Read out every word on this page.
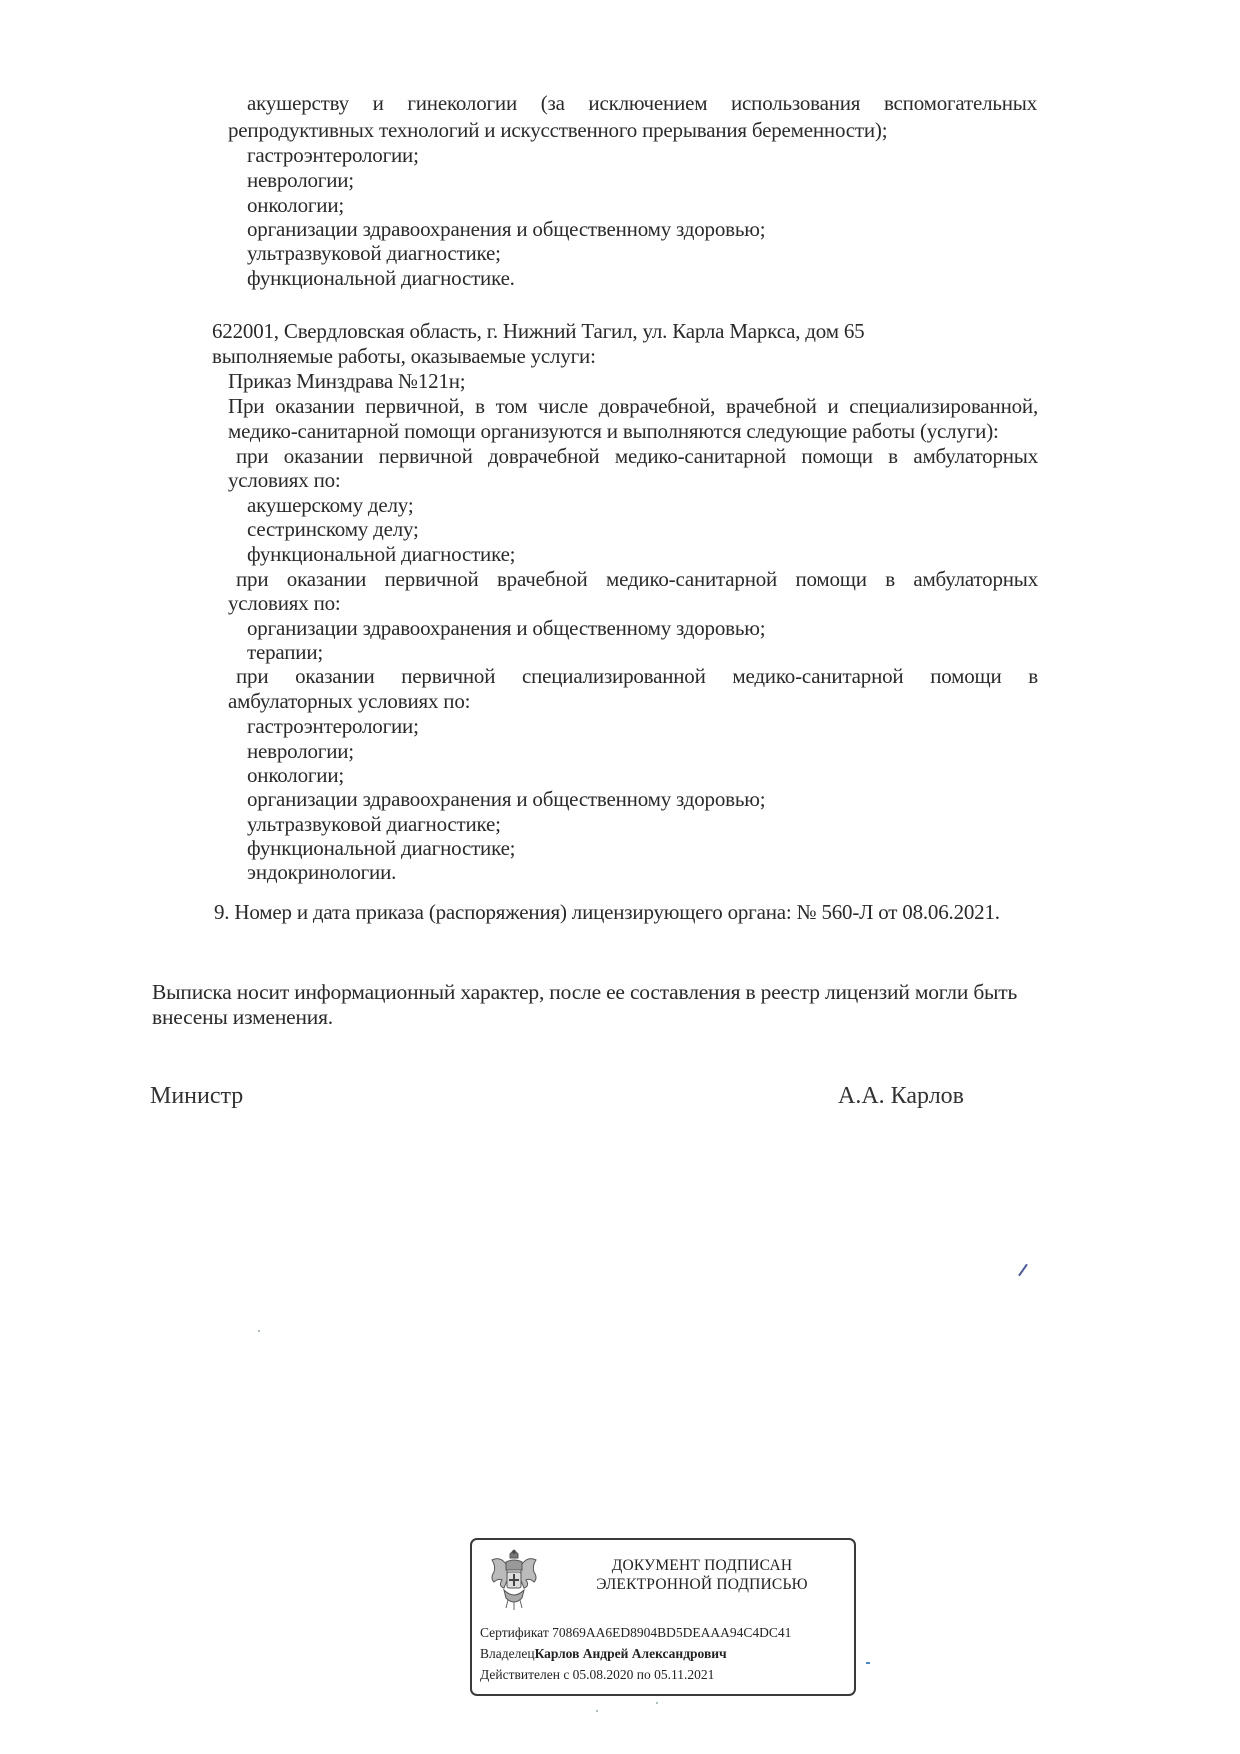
акушерству и гинекологии (за исключением использования вспомогательных
репродуктивных технологий и искусственного прерывания беременности);
гастроэнтерологии;
неврологии;
онкологии;
организации здравоохранения и общественному здоровью;
ультразвуковой диагностике;
функциональной диагностике.
622001, Свердловская область, г. Нижний Тагил, ул. Карла Маркса, дом 65
выполняемые работы, оказываемые услуги:
Приказ Минздрава №121н;
При оказании первичной, в том числе доврачебной, врачебной и специализированной,
медико-санитарной помощи организуются и выполняются следующие работы (услуги):
при оказании первичной доврачебной медико-санитарной помощи в амбулаторных
условиях по:
акушерскому делу;
сестринскому делу;
функциональной диагностике;
при оказании первичной врачебной медико-санитарной помощи в амбулаторных
условиях по:
организации здравоохранения и общественному здоровью;
терапии;
при оказании первичной специализированной медико-санитарной помощи в
амбулаторных условиях по:
гастроэнтерологии;
неврологии;
онкологии;
организации здравоохранения и общественному здоровью;
ультразвуковой диагностике;
функциональной диагностике;
эндокринологии.
9. Номер и дата приказа (распоряжения) лицензирующего органа: № 560-Л от 08.06.2021.
Выписка носит информационный характер, после ее составления в реестр лицензий могли быть
внесены изменения.
Министр	А.А. Карлов
ДОКУМЕНТ ПОДПИСАН
ЭЛЕКТРОННОЙ ПОДПИСЬЮ
Сертификат 70869AA6ED8904BD5DEAAA94C4DC41
ВладелецКарлов Андрей Александрович
Действителен с 05.08.2020 по 05.11.2021
